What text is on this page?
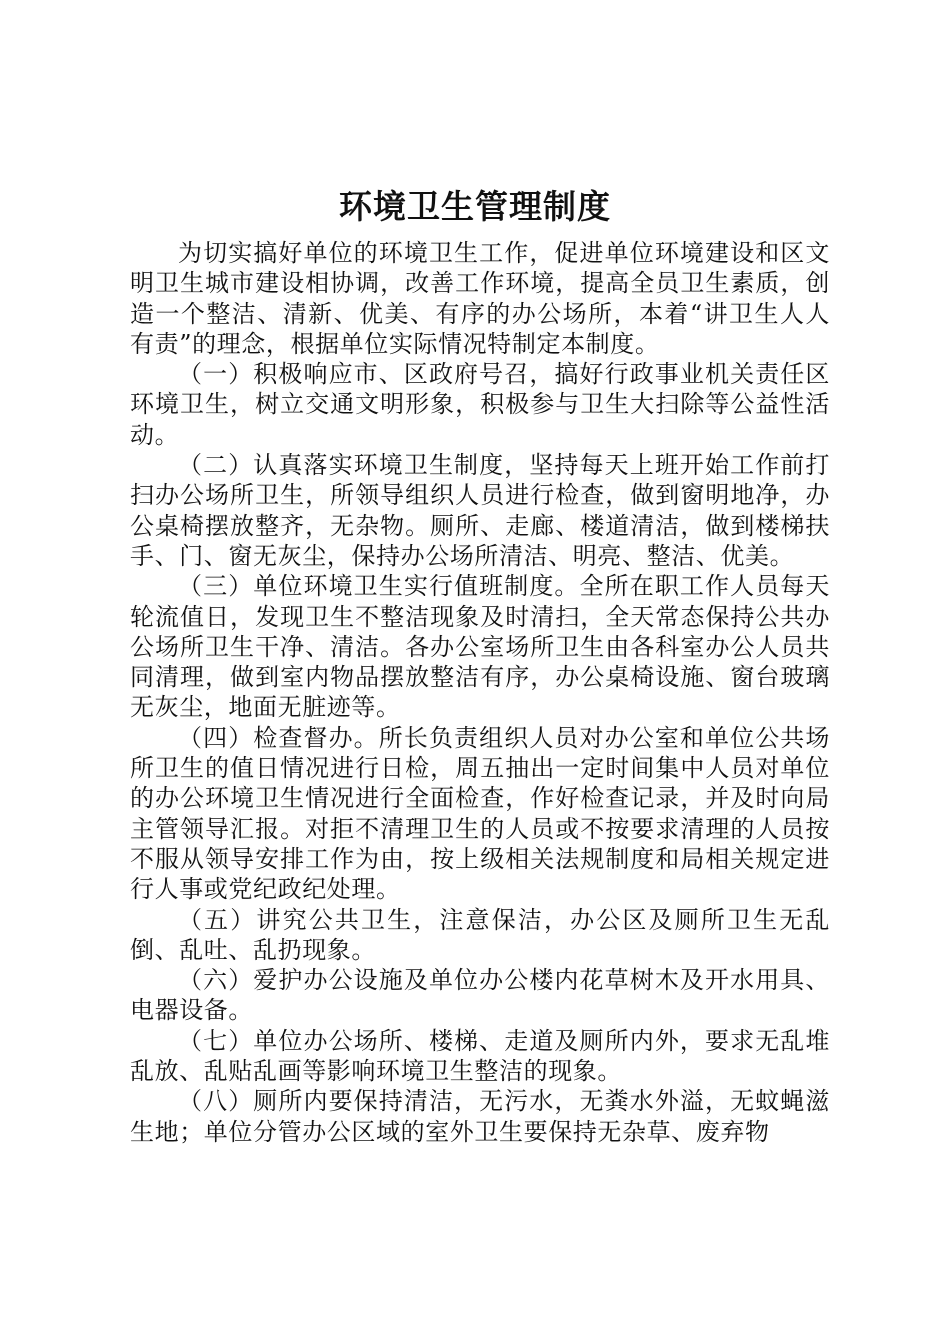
环境卫生管理制度

为切实搞好单位的环境卫生工作，促进单位环境建设和区文明卫生城市建设相协调，改善工作环境，提高全员卫生素质，创造一个整洁、清新、优美、有序的办公场所，本着“讲卫生人人有责”的理念，根据单位实际情况特制定本制度。

（一）积极响应市、区政府号召，搞好行政事业机关责任区环境卫生，树立交通文明形象，积极参与卫生大扫除等公益性活动。

（二）认真落实环境卫生制度，坚持每天上班开始工作前打扫办公场所卫生，所领导组织人员进行检查，做到窗明地净，办公桌椅摆放整齐，无杂物。厕所、走廊、楼道清洁，做到楼梯扶手、门、窗无灰尘，保持办公场所清洁、明亮、整洁、优美。

（三）单位环境卫生实行值班制度。全所在职工作人员每天轮流值日，发现卫生不整洁现象及时清扫，全天常态保持公共办公场所卫生干净、清洁。各办公室场所卫生由各科室办公人员共同清理，做到室内物品摆放整洁有序，办公桌椅设施、窗台玻璃无灰尘，地面无脏迹等。

（四）检查督办。所长负责组织人员对办公室和单位公共场所卫生的值日情况进行日检，周五抽出一定时间集中人员对单位的办公环境卫生情况进行全面检查，作好检查记录，并及时向局主管领导汇报。对拒不清理卫生的人员或不按要求清理的人员按不服从领导安排工作为由，按上级相关法规制度和局相关规定进行人事或党纪政纪处理。

（五）讲究公共卫生，注意保洁，办公区及厕所卫生无乱倒、乱吐、乱扔现象。

（六）爱护办公设施及单位办公楼内花草树木及开水用具、电器设备。

（七）单位办公场所、楼梯、走道及厕所内外，要求无乱堆乱放、乱贴乱画等影响环境卫生整洁的现象。

（八）厕所内要保持清洁，无污水，无粪水外溢，无蚊蝇滋生地；单位分管办公区域的室外卫生要保持无杂草、废弃物
